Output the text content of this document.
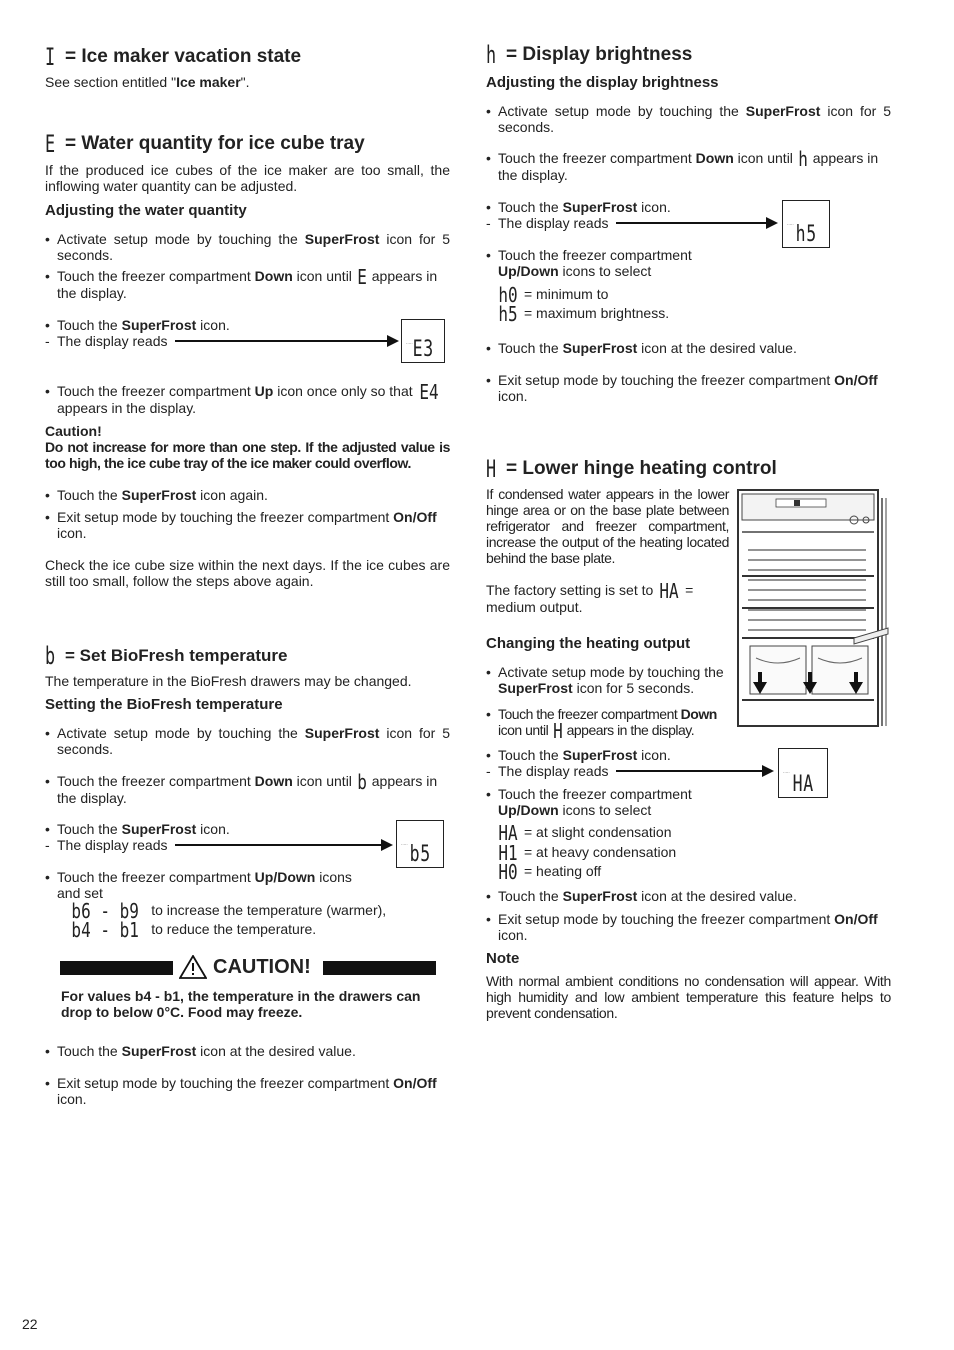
I = Ice maker vacation state
See section entitled "Ice maker".
E = Water quantity for ice cube tray
If the produced ice cubes of the ice maker are too small, the inflowing water quantity can be adjusted.
Adjusting the water quantity
• Activate setup mode by touching the SuperFrost icon for 5 seconds.
• Touch the freezer compartment Down icon until E appears in the display.
• Touch the SuperFrost icon.
- The display reads	····· E3
• Touch the freezer compartment Up icon once only so that E4
appears in the display.
Caution!
Do not increase for more than one step. If the adjusted value is too high, the ice cube tray of the ice maker could overflow.
• Touch the SuperFrost icon again.
• Exit setup mode by touching the freezer compartment On/Off icon.
Check the ice cube size within the next days. If the ice cubes are still too small, follow the steps above again.
b = Set BioFresh temperature
The temperature in the BioFresh drawers may be changed.
Setting the BioFresh temperature
• Activate setup mode by touching the SuperFrost icon for 5 seconds.
• Touch the freezer compartment Down icon until b appears in the display.
• Touch the SuperFrost icon.
- The display reads	····· b5
• Touch the freezer compartment Up/Down icons and set
b6 - b9 to increase the temperature (warmer),
b4 - b1 to reduce the temperature.
CAUTION!
For values b4 - b1, the temperature in the drawers can drop to below 0°C. Food may freeze.
• Touch the SuperFrost icon at the desired value.
• Exit setup mode by touching the freezer compartment On/Off icon.
h = Display brightness
Adjusting the display brightness
• Activate setup mode by touching the SuperFrost icon for 5 seconds.
• Touch the freezer compartment Down icon until h appears in the display.
• Touch the SuperFrost icon.
- The display reads	····· h5
• Touch the freezer compartment
Up/Down icons to select
h0 = minimum to
h5 = maximum brightness.
• Touch the SuperFrost icon at the desired value.
• Exit setup mode by touching the freezer compartment On/Off icon.
H = Lower hinge heating control
If condensed water appears in the lower hinge area or on the base plate between refrigerator and freezer compartment, increase the output of the heating located behind the base plate.
The factory setting is set to HA = medium output.
Changing the heating output
• Activate setup mode by touching the SuperFrost icon for 5 seconds.
• Touch the freezer compartment Down icon until H appears in the display.
• Touch the SuperFrost icon.
- The display reads	····· HA
• Touch the freezer compartment
Up/Down icons to select
HA = at slight condensation
H1 = at heavy condensation
H0 = heating off
• Touch the SuperFrost icon at the desired value.
• Exit setup mode by touching the freezer compartment On/Off icon.
Note
With normal ambient conditions no condensation will appear. With high humidity and low ambient temperature this feature helps to prevent condensation.
22
